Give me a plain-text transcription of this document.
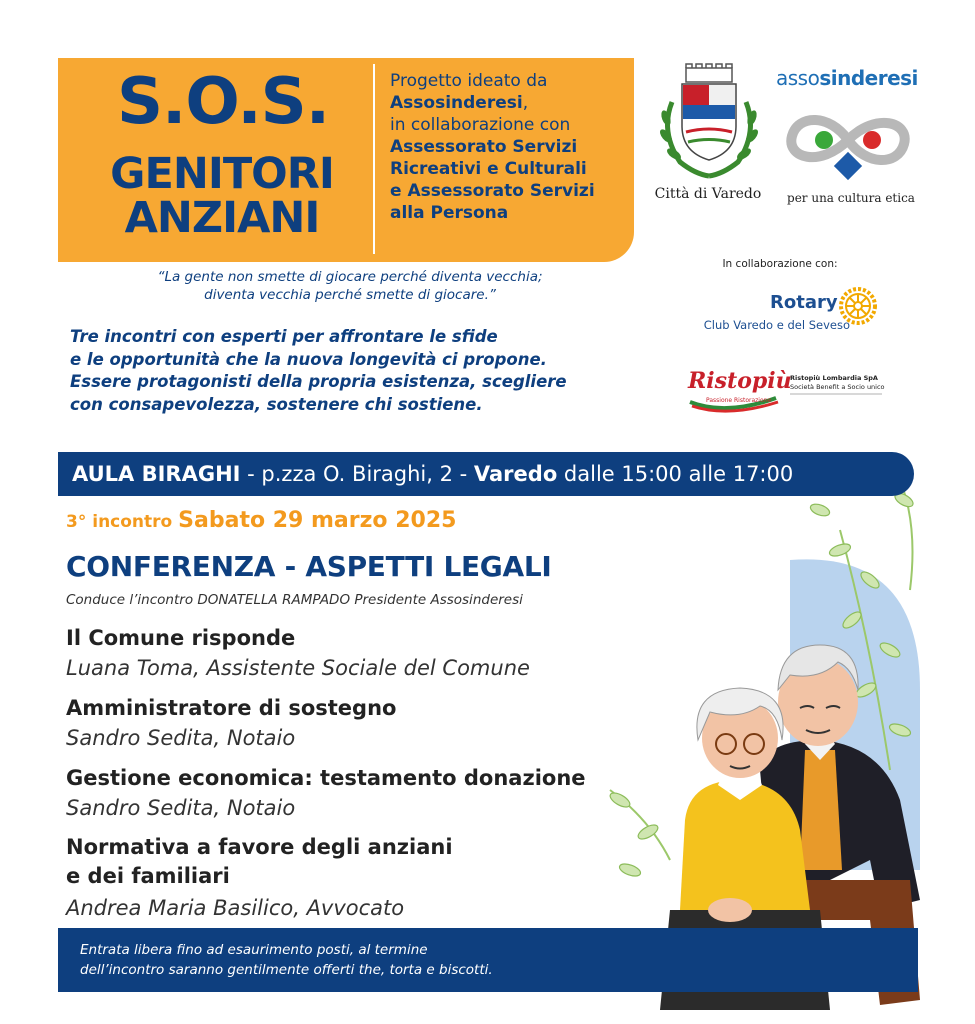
S.O.S.
GENITORI
ANZIANI
Progetto ideato da
Assosinderesi,
in collaborazione con
Assessorato Servizi
Ricreativi e Culturali
e Assessorato Servizi
alla Persona
“La gente non smette di giocare perché diventa vecchia;
diventa vecchia perché smette di giocare.”
Tre incontri con esperti per affrontare le sfide
e le opportunità che la nuova longevità ci propone.
Essere protagonisti della propria esistenza, scegliere
con consapevolezza, sostenere chi sostiene.
Città di Varedo
assosinderesi
per una cultura etica
In collaborazione con:
Rotary
Club Varedo e del Seveso
Ristopiù
Passione Ristorazione
Ristopiù Lombardia SpA
Società Benefit a Socio unico
AULA BIRAGHI - p.zza O. Biraghi, 2 - Varedo dalle 15:00 alle 17:00
3° incontro Sabato 29 marzo 2025
CONFERENZA - ASPETTI LEGALI
Conduce l’incontro DONATELLA RAMPADO Presidente Assosinderesi
Il Comune risponde
Luana Toma, Assistente Sociale del Comune
Amministratore di sostegno
Sandro Sedita, Notaio
Gestione economica: testamento donazione
Sandro Sedita, Notaio
Normativa a favore degli anziani
e dei familiari
Andrea Maria Basilico, Avvocato
Entrata libera fino ad esaurimento posti, al termine
dell’incontro saranno gentilmente offerti the, torta e biscotti.
